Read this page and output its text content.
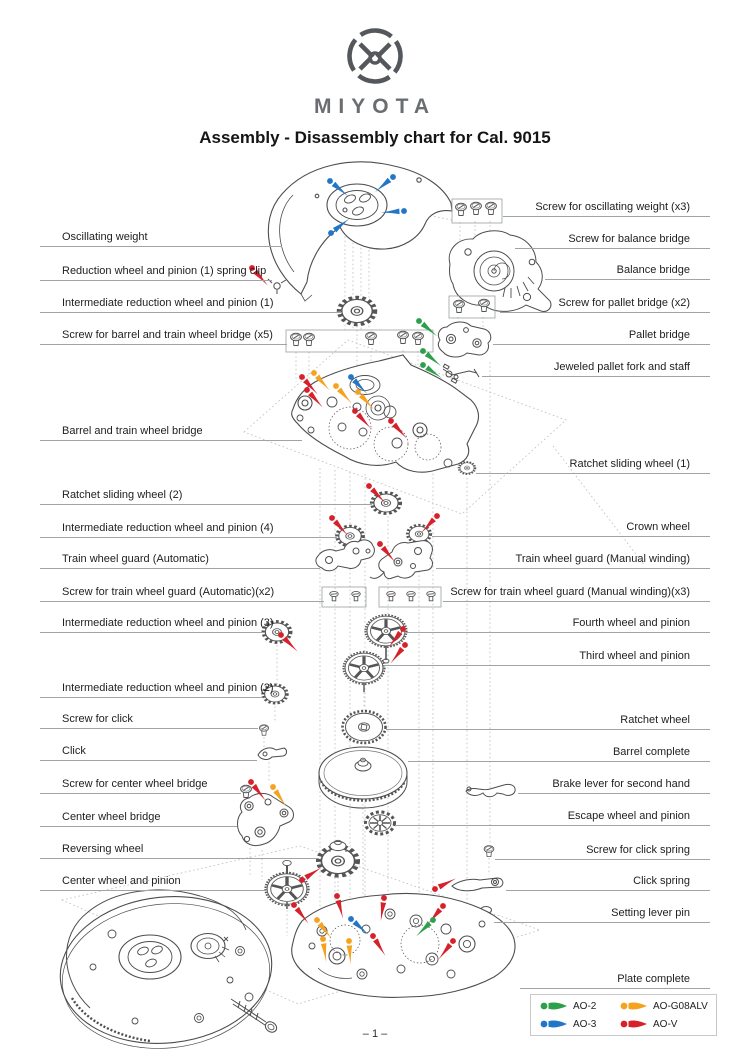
MIYOTA
Assembly - Disassembly chart for Cal. 9015
Oscillating weight
Reduction wheel and pinion (1) spring clip
Intermediate reduction wheel and pinion (1)
Screw for barrel and train wheel bridge (x5)
Barrel and train wheel bridge
Ratchet sliding wheel (2)
Intermediate reduction wheel and pinion (4)
Train wheel guard (Automatic)
Screw for train wheel guard (Automatic)(x2)
Intermediate reduction wheel and pinion (3)
Intermediate reduction wheel and pinion (2)
Screw for click
Click
Screw for center wheel bridge
Center wheel bridge
Reversing wheel
Center wheel and pinion
Screw for oscillating weight (x3)
Screw for balance bridge
Balance bridge
Screw for pallet bridge (x2)
Pallet bridge
Jeweled pallet fork and staff
Ratchet sliding wheel (1)
Crown wheel
Train wheel guard (Manual winding)
Screw for train wheel guard (Manual winding)(x3)
Fourth wheel and pinion
Third wheel and pinion
Ratchet wheel
Barrel complete
Brake lever for second hand
Escape wheel and pinion
Screw for click spring
Click spring
Setting lever pin
Plate complete
AO-2	AO-G08ALV
AO-3	AO-V
– 1 –
